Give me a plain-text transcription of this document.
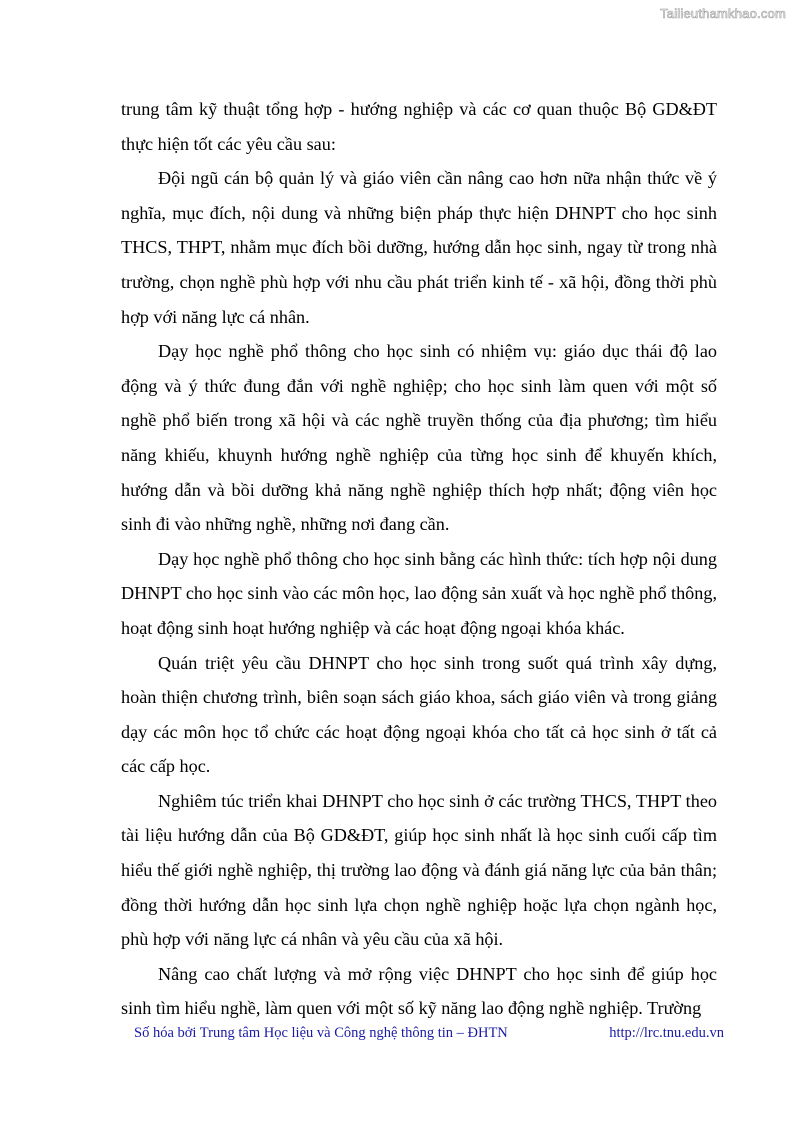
Tailieuthamkhao.com

trung tâm kỹ thuật tổng hợp - hướng nghiệp và các cơ quan thuộc Bộ GD&ĐT thực hiện tốt các yêu cầu sau:

Đội ngũ cán bộ quản lý và giáo viên cần nâng cao hơn nữa nhận thức về ý nghĩa, mục đích, nội dung và những biện pháp thực hiện DHNPT cho học sinh THCS, THPT, nhằm mục đích bồi dưỡng, hướng dẫn học sinh, ngay từ trong nhà trường, chọn nghề phù hợp với nhu cầu phát triển kinh tế - xã hội, đồng thời phù hợp với năng lực cá nhân.

Dạy học nghề phổ thông cho học sinh có nhiệm vụ: giáo dục thái độ lao động và ý thức đung đắn với nghề nghiệp; cho học sinh làm quen với một số nghề phổ biến trong xã hội và các nghề truyền thống của địa phương; tìm hiểu năng khiếu, khuynh hướng nghề nghiệp của từng học sinh để khuyến khích, hướng dẫn và bồi dưỡng khả năng nghề nghiệp thích hợp nhất; động viên học sinh đi vào những nghề, những nơi đang cần.

Dạy học nghề phổ thông cho học sinh bằng các hình thức: tích hợp nội dung DHNPT cho học sinh vào các môn học, lao động sản xuất và học nghề phổ thông, hoạt động sinh hoạt hướng nghiệp và các hoạt động ngoại khóa khác.

Quán triệt yêu cầu DHNPT cho học sinh trong suốt quá trình xây dựng, hoàn thiện chương trình, biên soạn sách giáo khoa, sách giáo viên và trong giảng dạy các môn học tổ chức các hoạt động ngoại khóa cho tất cả học sinh ở tất cả các cấp học.

Nghiêm túc triển khai DHNPT cho học sinh ở các trường THCS, THPT theo tài liệu hướng dẫn của Bộ GD&ĐT, giúp học sinh nhất là học sinh cuối cấp tìm hiểu thế giới nghề nghiệp, thị trường lao động và đánh giá năng lực của bản thân; đồng thời hướng dẫn học sinh lựa chọn nghề nghiệp hoặc lựa chọn ngành học, phù hợp với năng lực cá nhân và yêu cầu của xã hội.

Nâng cao chất lượng và mở rộng việc DHNPT cho học sinh để giúp học sinh tìm hiểu nghề, làm quen với một số kỹ năng lao động nghề nghiệp. Trường

Số hóa bởi Trung tâm Học liệu và Công nghệ thông tin – ĐHTN	http://lrc.tnu.edu.vn
